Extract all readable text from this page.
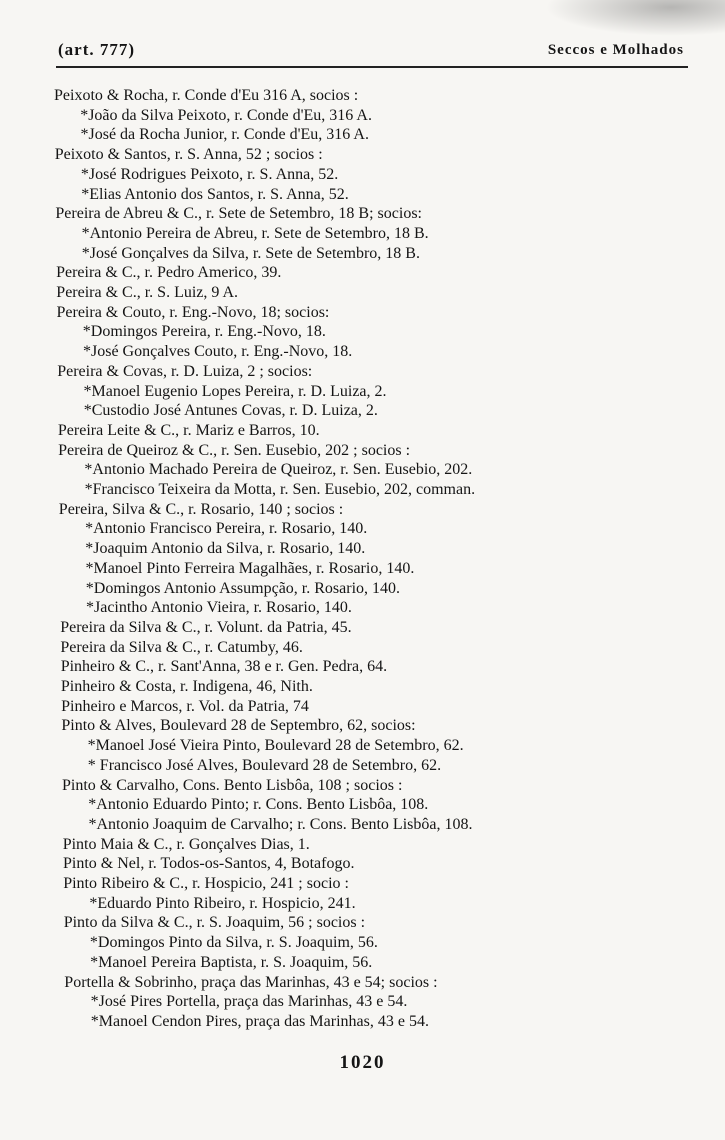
(art. 777)	Seccos e Molhados
Peixoto & Rocha, r. Conde d'Eu 316 A, socios :
*João da Silva Peixoto, r. Conde d'Eu, 316 A.
*José da Rocha Junior, r. Conde d'Eu, 316 A.
Peixoto & Santos, r. S. Anna, 52 ; socios :
*José Rodrigues Peixoto, r. S. Anna, 52.
*Elias Antonio dos Santos, r. S. Anna, 52.
Pereira de Abreu & C., r. Sete de Setembro, 18 B; socios:
*Antonio Pereira de Abreu, r. Sete de Setembro, 18 B.
*José Gonçalves da Silva, r. Sete de Setembro, 18 B.
Pereira & C., r. Pedro Americo, 39.
Pereira & C., r. S. Luiz, 9 A.
Pereira & Couto, r. Eng.-Novo, 18; socios:
*Domingos Pereira, r. Eng.-Novo, 18.
*José Gonçalves Couto, r. Eng.-Novo, 18.
Pereira & Covas, r. D. Luiza, 2 ; socios:
*Manoel Eugenio Lopes Pereira, r. D. Luiza, 2.
*Custodio José Antunes Covas, r. D. Luiza, 2.
Pereira Leite & C., r. Mariz e Barros, 10.
Pereira de Queiroz & C., r. Sen. Eusebio, 202 ; socios :
*Antonio Machado Pereira de Queiroz, r. Sen. Eusebio, 202.
*Francisco Teixeira da Motta, r. Sen. Eusebio, 202, comman.
Pereira, Silva & C., r. Rosario, 140 ; socios :
*Antonio Francisco Pereira, r. Rosario, 140.
*Joaquim Antonio da Silva, r. Rosario, 140.
*Manoel Pinto Ferreira Magalhães, r. Rosario, 140.
*Domingos Antonio Assumpção, r. Rosario, 140.
*Jacintho Antonio Vieira, r. Rosario, 140.
Pereira da Silva & C., r. Volunt. da Patria, 45.
Pereira da Silva & C., r. Catumby, 46.
Pinheiro & C., r. Sant'Anna, 38 e r. Gen. Pedra, 64.
Pinheiro & Costa, r. Indigena, 46, Nith.
Pinheiro e Marcos, r. Vol. da Patria, 74
Pinto & Alves, Boulevard 28 de Septembro, 62, socios:
*Manoel José Vieira Pinto, Boulevard 28 de Setembro, 62.
* Francisco José Alves, Boulevard 28 de Setembro, 62.
Pinto & Carvalho, Cons. Bento Lisbôa, 108 ; socios :
*Antonio Eduardo Pinto; r. Cons. Bento Lisbôa, 108.
*Antonio Joaquim de Carvalho; r. Cons. Bento Lisbôa, 108.
Pinto Maia & C., r. Gonçalves Dias, 1.
Pinto & Nel, r. Todos-os-Santos, 4, Botafogo.
Pinto Ribeiro & C., r. Hospicio, 241 ; socio :
*Eduardo Pinto Ribeiro, r. Hospicio, 241.
Pinto da Silva & C., r. S. Joaquim, 56 ; socios :
*Domingos Pinto da Silva, r. S. Joaquim, 56.
*Manoel Pereira Baptista, r. S. Joaquim, 56.
Portella & Sobrinho, praça das Marinhas, 43 e 54; socios :
*José Pires Portella, praça das Marinhas, 43 e 54.
*Manoel Cendon Pires, praça das Marinhas, 43 e 54.
1020
